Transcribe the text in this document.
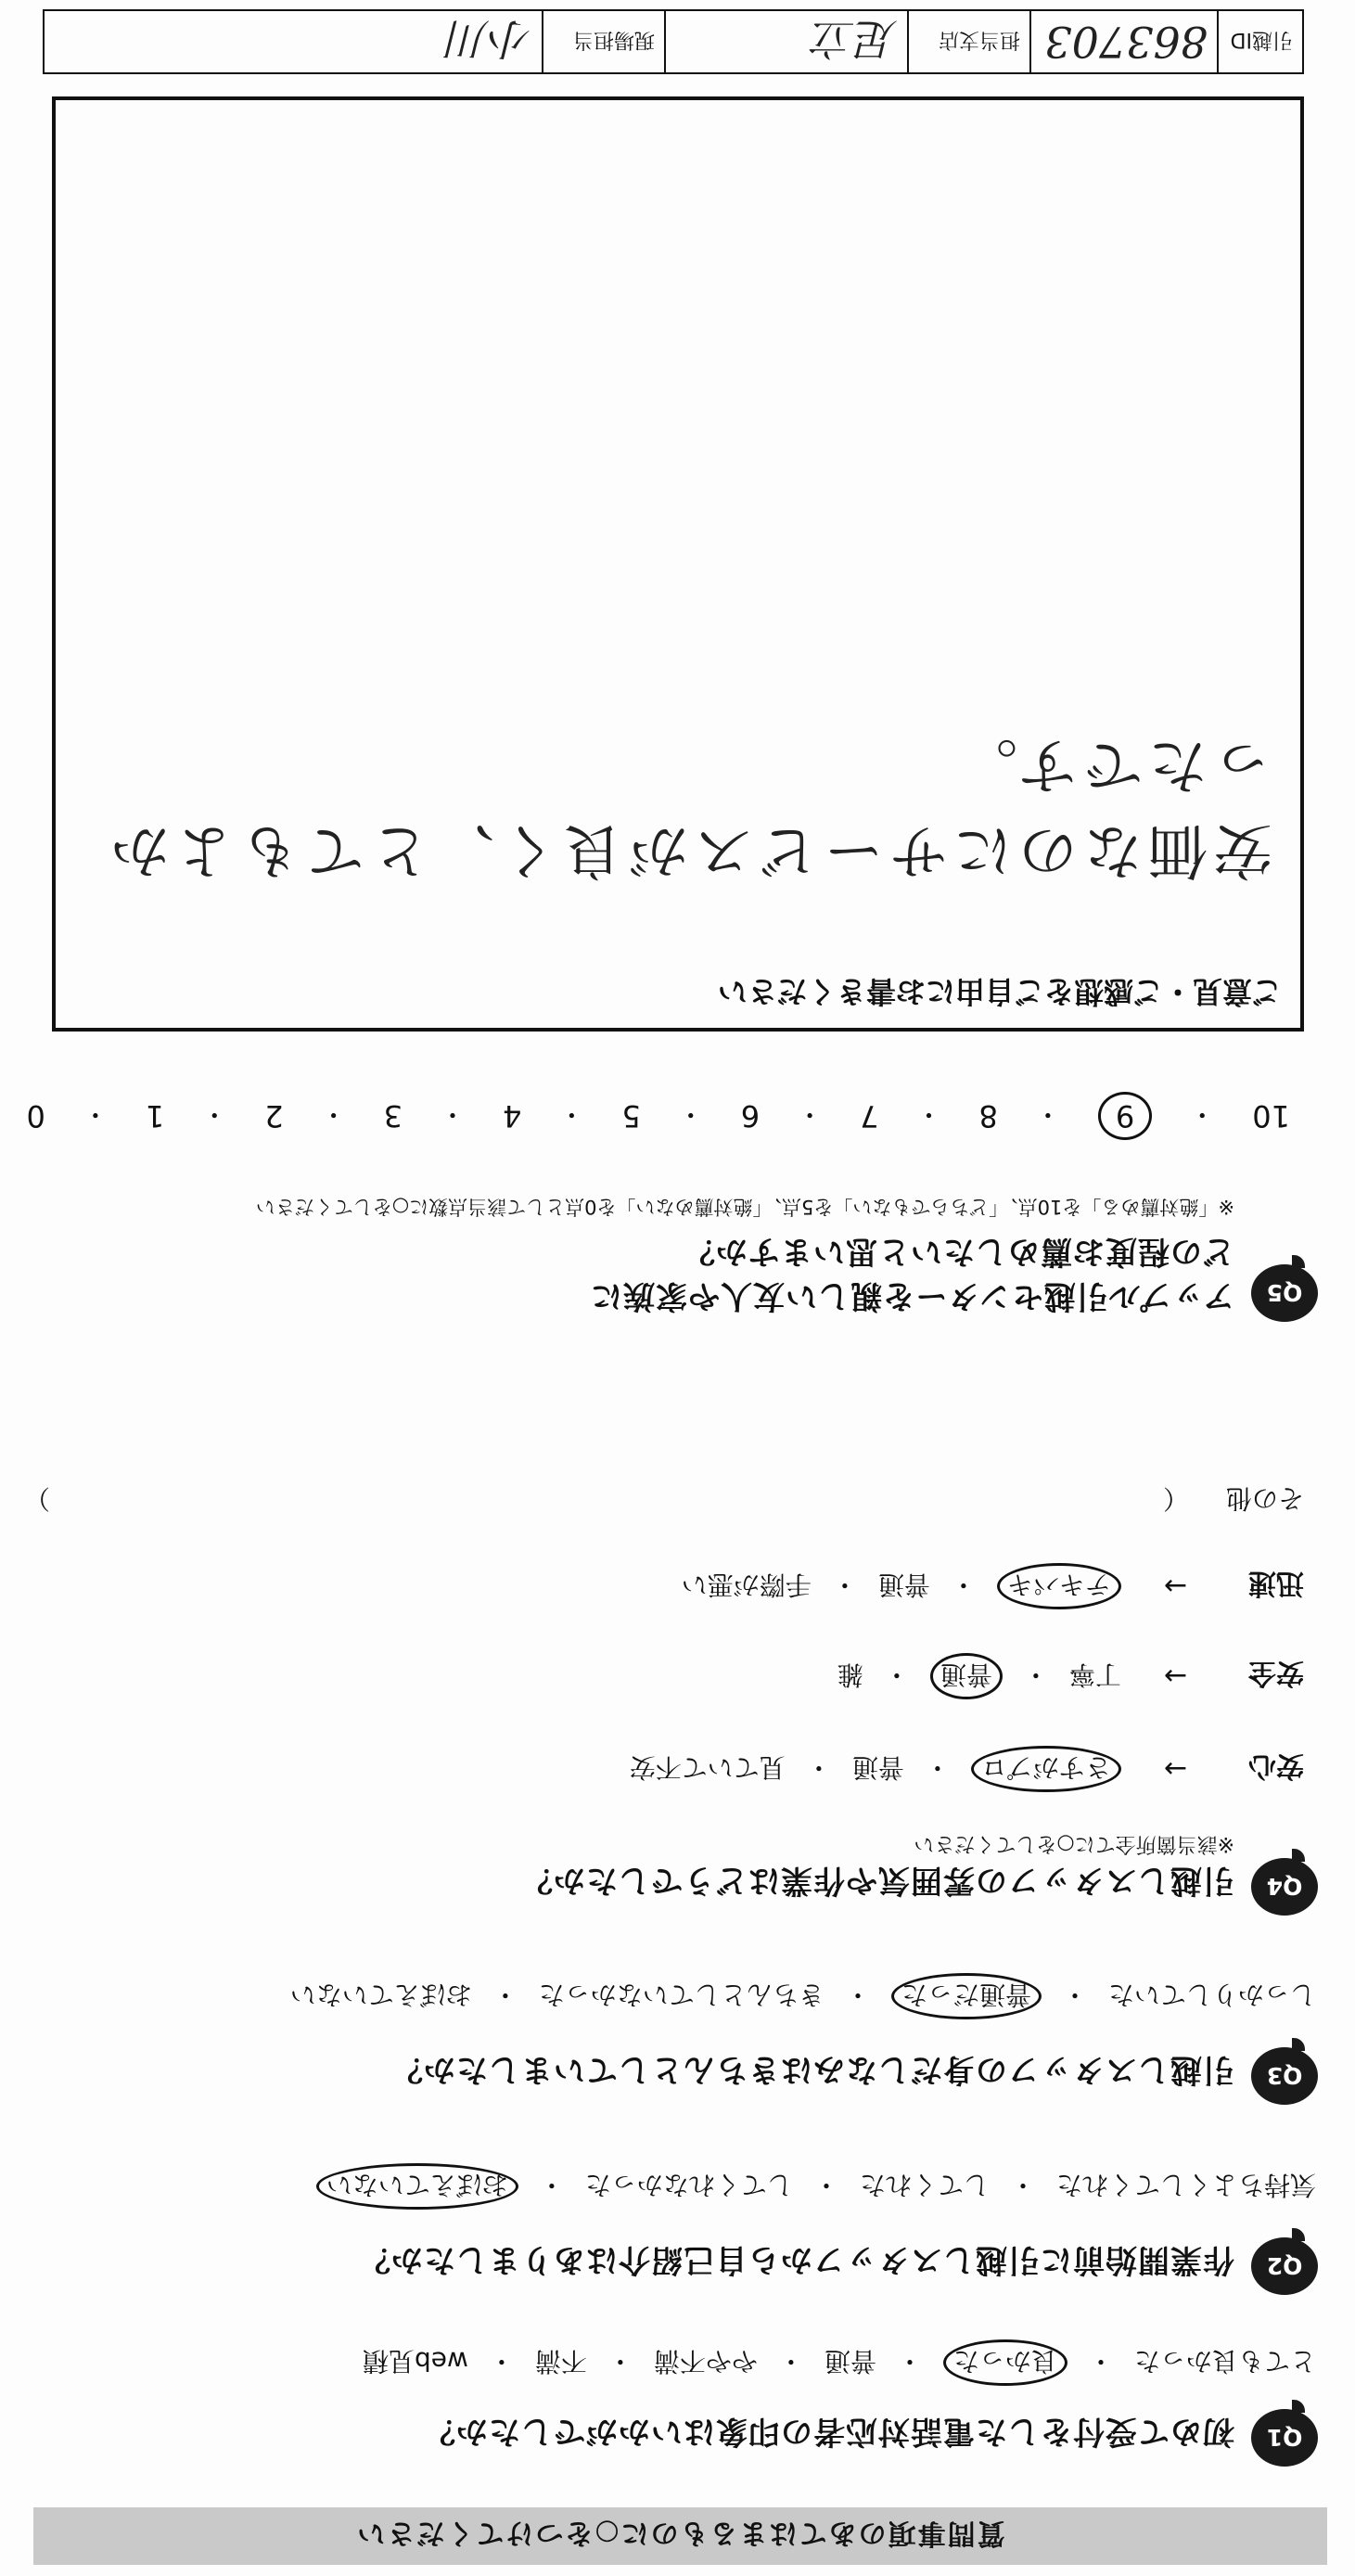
質問事項のあてはまるものに○をつけてください
Q1
初めて受付をした電話対応者の印象はいかがでしたか？
とても良かった
・
良かった
・
普通
・
やや不満
・
不満
・
web見積
Q2
作業開始前に引越しスタッフから自己紹介はありましたか？
気持ちよくしてくれた
・
してくれた
・
してくれなかった
・
おぼえていない
Q3
引越しスタッフの身だしなみはきちんとしていましたか？
しっかりしていた
・
普通だった
・
きちんとしていなかった
・
おぼえていない
Q4
引越しスタッフの雰囲気や作業はどうでしたか？
※該当箇所全てに○をしてください
安心
→
さすがプロ
・
普通
・
見ていて不安
安全
→
丁寧
・
普通
・
雑
迅速
→
テキパキ
・
普通
・
手際が悪い
その他
（
）
Q5
アップル引越センターを親しい友人や家族に
どの程度お薦めしたいと思いますか？
※「絶対薦める」を10点、「どちらでもない」を5点、「絶対薦めない」を0点として該当点数に○をしてください
10
・
9
・
8
・
7
・
6
・
5
・
4
・
3
・
2
・
1
・
0
ご意見・ご感想をご自由にお書きください
安価なのにサービスが良く、とてもよかったです。
引越ID
863703
担当支店
足立
現場担当
小川
